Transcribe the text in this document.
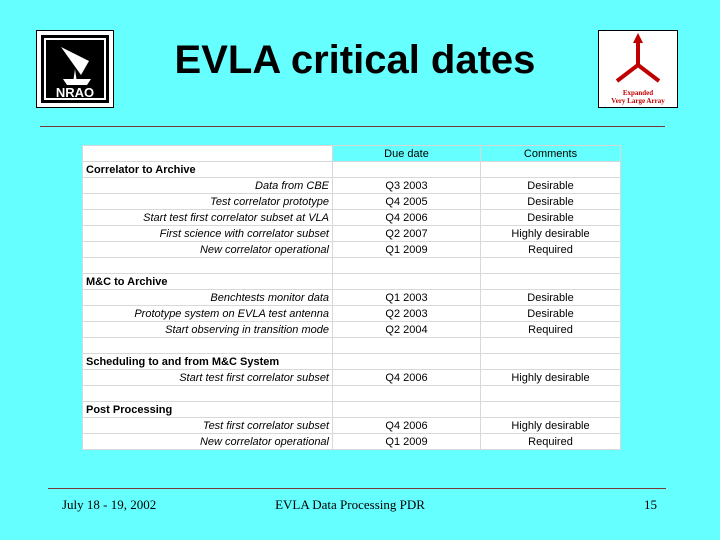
NRAO
EVLA critical dates
Expanded
Very Large Array
	Due date	Comments
Correlator to Archive		
Data from CBE	Q3 2003	Desirable
Test correlator prototype	Q4 2005	Desirable
Start test first correlator subset at VLA	Q4 2006	Desirable
First science with correlator subset	Q2 2007	Highly desirable
New correlator operational	Q1 2009	Required

M&C to Archive		
Benchtests monitor data	Q1 2003	Desirable
Prototype system on EVLA test antenna	Q2 2003	Desirable
Start observing in transition mode	Q2 2004	Required

Scheduling to and from M&C System		
Start test first correlator subset	Q4 2006	Highly desirable

Post Processing		
Test first correlator subset	Q4 2006	Highly desirable
New correlator operational	Q1 2009	Required
July 18 - 19, 2002	EVLA Data Processing PDR	15
